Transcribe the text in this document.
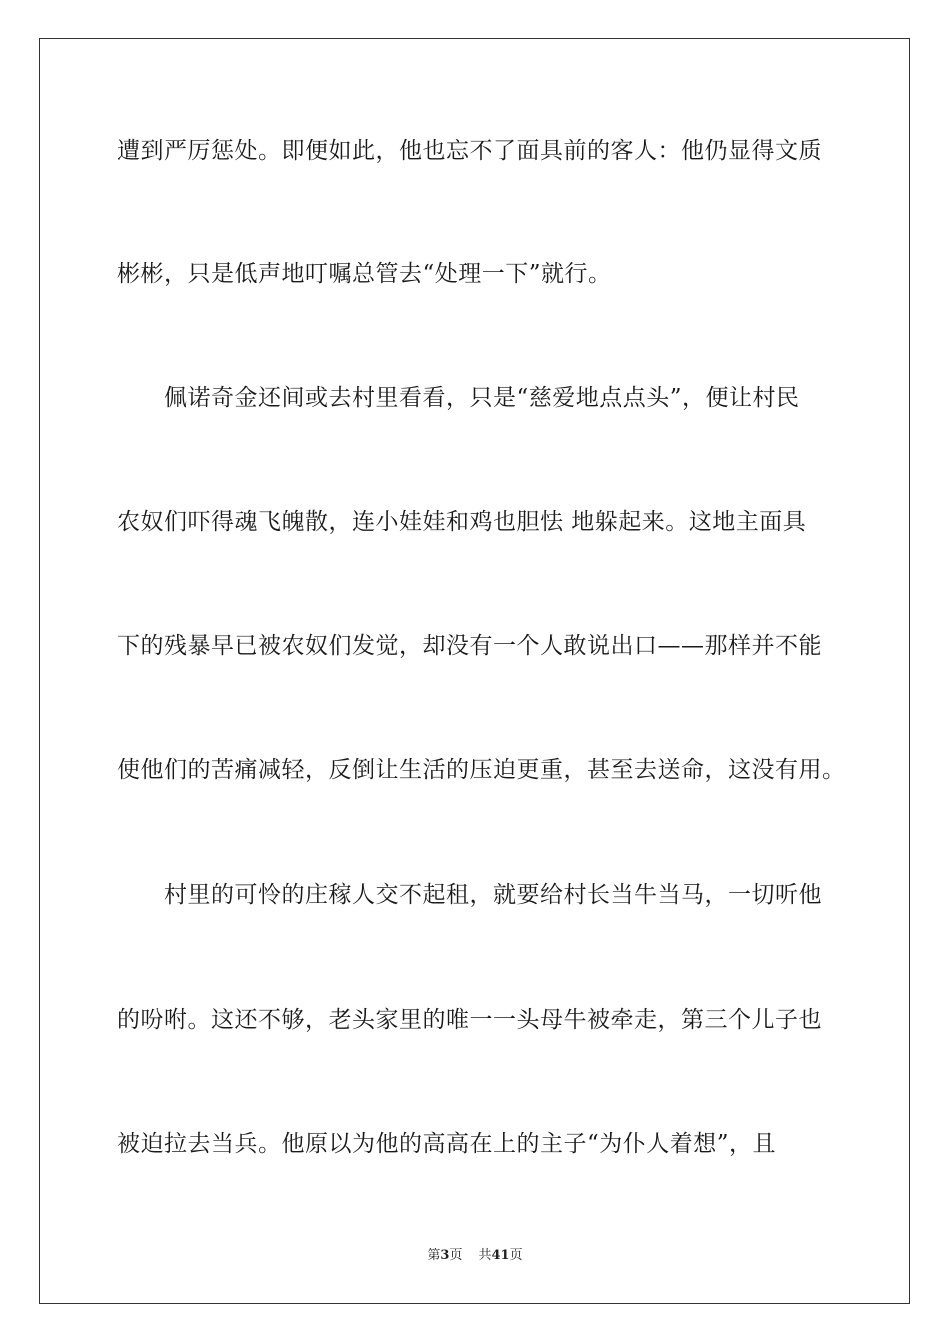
遭到严厉惩处。即便如此，他也忘不了面具前的客人：他仍显得文质
彬彬，只是低声地叮嘱总管去“处理一下”就行。
佩诺奇金还间或去村里看看，只是“慈爱地点点头”，便让村民
农奴们吓得魂飞魄散，连小娃娃和鸡也胆怯 地躲起来。这地主面具
下的残暴早已被农奴们发觉，却没有一个人敢说出口——那样并不能
使他们的苦痛减轻，反倒让生活的压迫更重，甚至去送命，这没有用。
村里的可怜的庄稼人交不起租，就要给村长当牛当马，一切听他
的吩咐。这还不够，老头家里的唯一一头母牛被牵走，第三个儿子也
被迫拉去当兵。他原以为他的高高在上的主子“为仆人着想”，且
第3页 共41页
